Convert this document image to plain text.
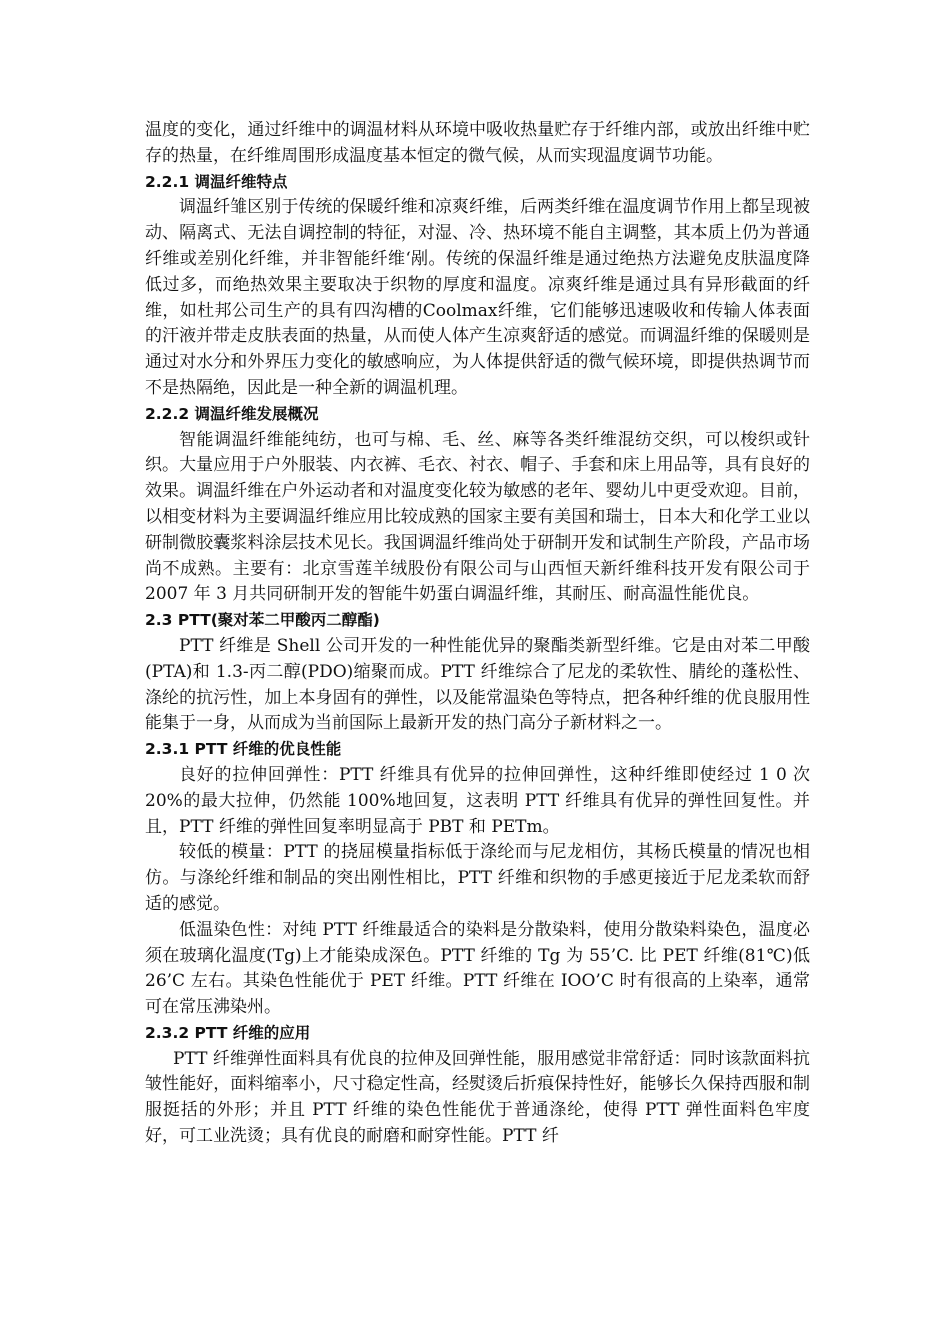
温度的变化，通过纤维中的调温材料从环境中吸收热量贮存于纤维内部，或放出纤维中贮存的热量，在纤维周围形成温度基本恒定的微气候，从而实现温度调节功能。

2.2.1 调温纤维特点

调温纤雏区别于传统的保暖纤维和凉爽纤维，后两类纤维在温度调节作用上都呈现被动、隔离式、无法自调控制的特征，对湿、冷、热环境不能自主调整，其本质上仍为普通纤维或差别化纤维，并非智能纤维‘剐。传统的保温纤维是通过绝热方法避免皮肤温度降低过多，而绝热效果主要取决于织物的厚度和温度。凉爽纤维是通过具有异形截面的纤维，如杜邦公司生产的具有四沟槽的Coolmax纤维，它们能够迅速吸收和传输人体表面的汗液并带走皮肤表面的热量，从而使人体产生凉爽舒适的感觉。而调温纤维的保暖则是通过对水分和外界压力变化的敏感响应，为人体提供舒适的微气候环境，即提供热调节而不是热隔绝，因此是一种全新的调温机理。

2.2.2 调温纤维发展概况

智能调温纤维能纯纺，也可与棉、毛、丝、麻等各类纤维混纺交织，可以梭织或针织。大量应用于户外服装、内衣裤、毛衣、衬衣、帽子、手套和床上用品等，具有良好的效果。调温纤维在户外运动者和对温度变化较为敏感的老年、婴幼儿中更受欢迎。目前，以相变材料为主要调温纤维应用比较成熟的国家主要有美国和瑞士，日本大和化学工业以研制微胶囊浆料涂层技术见长。我国调温纤维尚处于研制开发和试制生产阶段，产品市场尚不成熟。主要有：北京雪莲羊绒股份有限公司与山西恒天新纤维科技开发有限公司于 2007 年 3 月共同研制开发的智能牛奶蛋白调温纤维，其耐压、耐高温性能优良。

2.3 PTT(聚对苯二甲酸丙二醇酯)

PTT 纤维是 Shell 公司开发的一种性能优异的聚酯类新型纤维。它是由对苯二甲酸(PTA)和 1.3-丙二醇(PDO)缩聚而成。PTT 纤维综合了尼龙的柔软性、腈纶的蓬松性、涤纶的抗污性，加上本身固有的弹性，以及能常温染色等特点，把各种纤维的优良服用性能集于一身，从而成为当前国际上最新开发的热门高分子新材料之一。

2.3.1 PTT 纤维的优良性能

良好的拉伸回弹性：PTT 纤维具有优异的拉伸回弹性，这种纤维即使经过 1 0 次 20%的最大拉伸，仍然能 100%地回复，这表明 PTT 纤维具有优异的弹性回复性。并且，PTT 纤维的弹性回复率明显高于 PBT 和 PETm。

较低的模量：PTT 的挠屈模量指标低于涤纶而与尼龙相仿，其杨氏模量的情况也相仿。与涤纶纤维和制品的突出刚性相比，PTT 纤维和织物的手感更接近于尼龙柔软而舒适的感觉。

低温染色性：对纯 PTT 纤维最适合的染料是分散染料，使用分散染料染色，温度必须在玻璃化温度(Tg)上才能染成深色。PTT 纤维的 Tg 为 55’C. 比 PET 纤维(81℃)低 26’C 左右。其染色性能优于 PET 纤维。PTT 纤维在 IOO’C 时有很高的上染率，通常可在常压沸染州。

2.3.2 PTT 纤维的应用

PTT 纤维弹性面料具有优良的拉伸及回弹性能，服用感觉非常舒适：同时该款面料抗皱性能好，面料缩率小，尺寸稳定性高，经熨烫后折痕保持性好，能够长久保持西服和制服挺括的外形；并且 PTT 纤维的染色性能优于普通涤纶，使得 PTT 弹性面料色牢度好，可工业洗烫；具有优良的耐磨和耐穿性能。PTT 纤
